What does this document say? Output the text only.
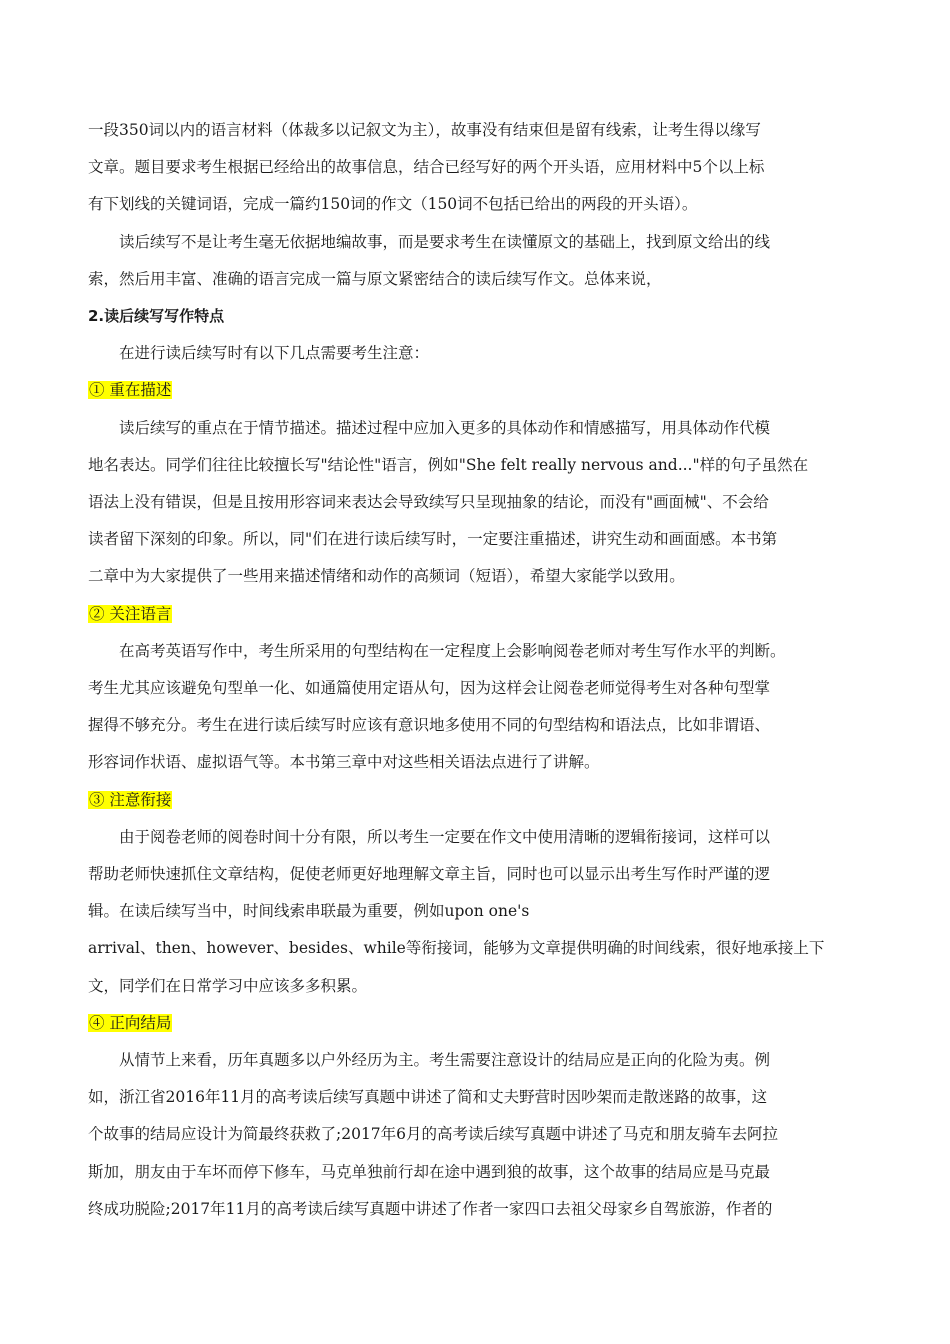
一段350词以内的语言材料（体裁多以记叙文为主），故事没有结束但是留有线索，让考生得以缘写
文章。题目要求考生根据已经给出的故事信息，结合已经写好的两个开头语，应用材料中5个以上标
有下划线的关键词语，完成一篇约150词的作文（150词不包括已给出的两段的开头语）。

读后续写不是让考生毫无依据地编故事，而是要求考生在读懂原文的基础上，找到原文给出的线
索，然后用丰富、准确的语言完成一篇与原文紧密结合的读后续写作文。总体来说，

2.读后续写写作特点

在进行读后续写时有以下几点需要考生注意：

① 重在描述

读后续写的重点在于情节描述。描述过程中应加入更多的具体动作和情感描写，用具体动作代模
地名表达。同学们往往比较擅长写"结论性"语言，例如"She felt really nervous and..."样的句子虽然在
语法上没有错误，但是且按用形容词来表达会导致续写只呈现抽象的结论，而没有"画面械"、不会给
读者留下深刻的印象。所以，同"们在进行读后续写时，一定要注重描述，讲究生动和画面感。本书第
二章中为大家提供了一些用来描述情绪和动作的高频词（短语），希望大家能学以致用。

② 关注语言

在高考英语写作中，考生所采用的句型结构在一定程度上会影响阅卷老师对考生写作水平的判断。
考生尤其应该避免句型单一化、如通篇使用定语从句，因为这样会让阅卷老师觉得考生对各种句型掌
握得不够充分。考生在进行读后续写时应该有意识地多使用不同的句型结构和语法点，比如非谓语、
形容词作状语、虚拟语气等。本书第三章中对这些相关语法点进行了讲解。

③ 注意衔接

由于阅卷老师的阅卷时间十分有限，所以考生一定要在作文中使用清晰的逻辑衔接词，这样可以
帮助老师快速抓住文章结构，促使老师更好地理解文章主旨，同时也可以显示出考生写作时严谨的逻
辑。在读后续写当中，时间线索串联最为重要，例如upon one's
arrival、then、however、besides、while等衔接词，能够为文章提供明确的时间线索，很好地承接上下
文，同学们在日常学习中应该多多积累。

④ 正向结局

从情节上来看，历年真题多以户外经历为主。考生需要注意设计的结局应是正向的化险为夷。例
如，浙江省2016年11月的高考读后续写真题中讲述了简和丈夫野营时因吵架而走散迷路的故事，这
个故事的结局应设计为简最终获救了;2017年6月的高考读后续写真题中讲述了马克和朋友骑车去阿拉
斯加，朋友由于车坏而停下修车，马克单独前行却在途中遇到狼的故事，这个故事的结局应是马克最
终成功脱险;2017年11月的高考读后续写真题中讲述了作者一家四口去祖父母家乡自驾旅游，作者的
